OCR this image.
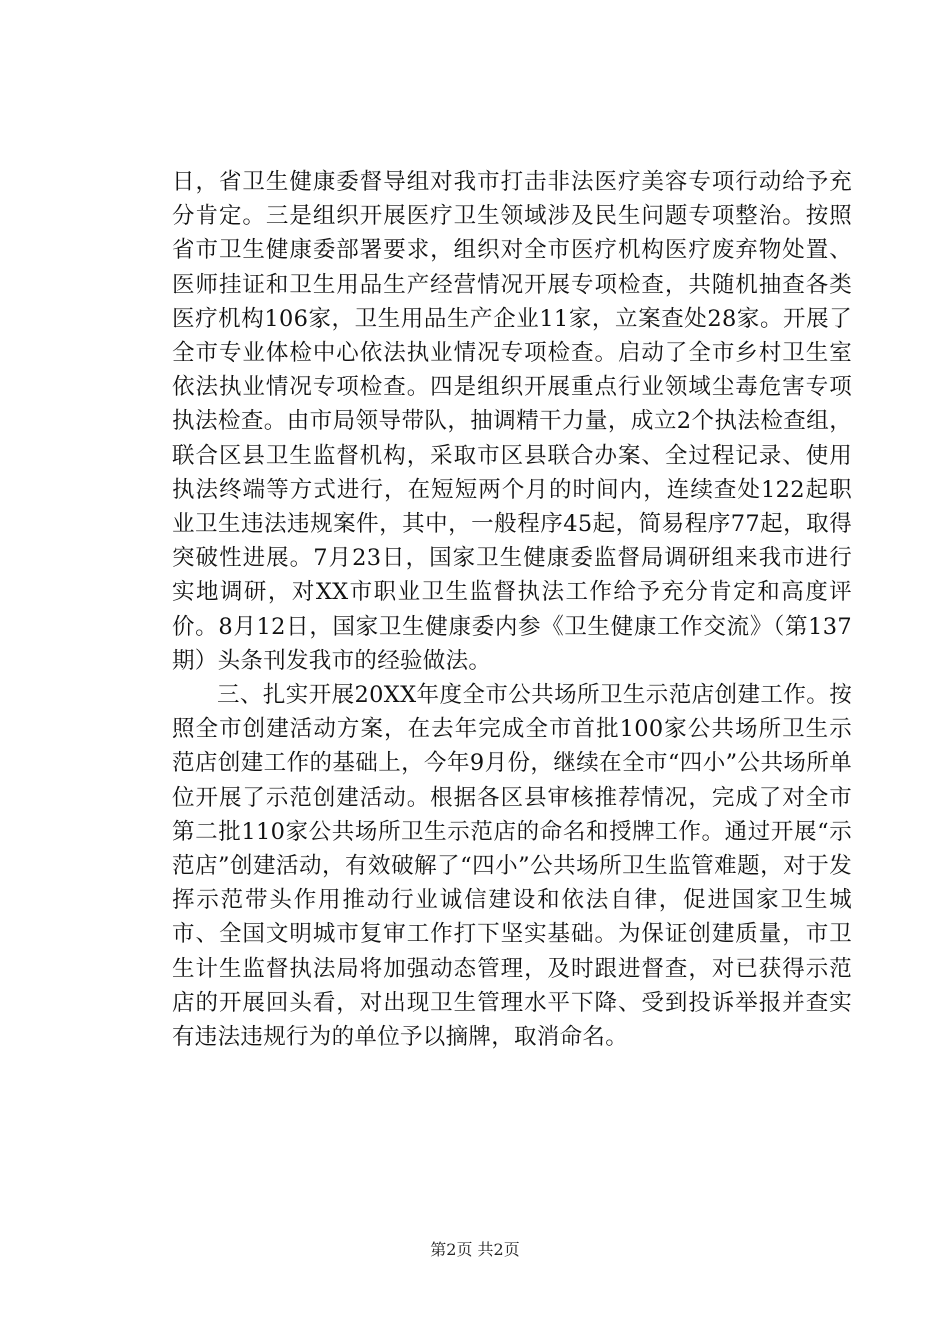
日，省卫生健康委督导组对我市打击非法医疗美容专项行动给予充分肯定。三是组织开展医疗卫生领域涉及民生问题专项整治。按照省市卫生健康委部署要求，组织对全市医疗机构医疗废弃物处置、医师挂证和卫生用品生产经营情况开展专项检查，共随机抽查各类医疗机构106家，卫生用品生产企业11家，立案查处28家。开展了全市专业体检中心依法执业情况专项检查。启动了全市乡村卫生室依法执业情况专项检查。四是组织开展重点行业领域尘毒危害专项执法检查。由市局领导带队，抽调精干力量，成立2个执法检查组，联合区县卫生监督机构，采取市区县联合办案、全过程记录、使用执法终端等方式进行，在短短两个月的时间内，连续查处122起职业卫生违法违规案件，其中，一般程序45起，简易程序77起，取得突破性进展。7月23日，国家卫生健康委监督局调研组来我市进行实地调研，对XX市职业卫生监督执法工作给予充分肯定和高度评价。8月12日，国家卫生健康委内参《卫生健康工作交流》（第137期）头条刊发我市的经验做法。

三、扎实开展20XX年度全市公共场所卫生示范店创建工作。按照全市创建活动方案，在去年完成全市首批100家公共场所卫生示范店创建工作的基础上，今年9月份，继续在全市“四小”公共场所单位开展了示范创建活动。根据各区县审核推荐情况，完成了对全市第二批110家公共场所卫生示范店的命名和授牌工作。通过开展“示范店”创建活动，有效破解了“四小”公共场所卫生监管难题，对于发挥示范带头作用推动行业诚信建设和依法自律，促进国家卫生城市、全国文明城市复审工作打下坚实基础。为保证创建质量，市卫生计生监督执法局将加强动态管理，及时跟进督查，对已获得示范店的开展回头看，对出现卫生管理水平下降、受到投诉举报并查实有违法违规行为的单位予以摘牌，取消命名。

第2页 共2页
